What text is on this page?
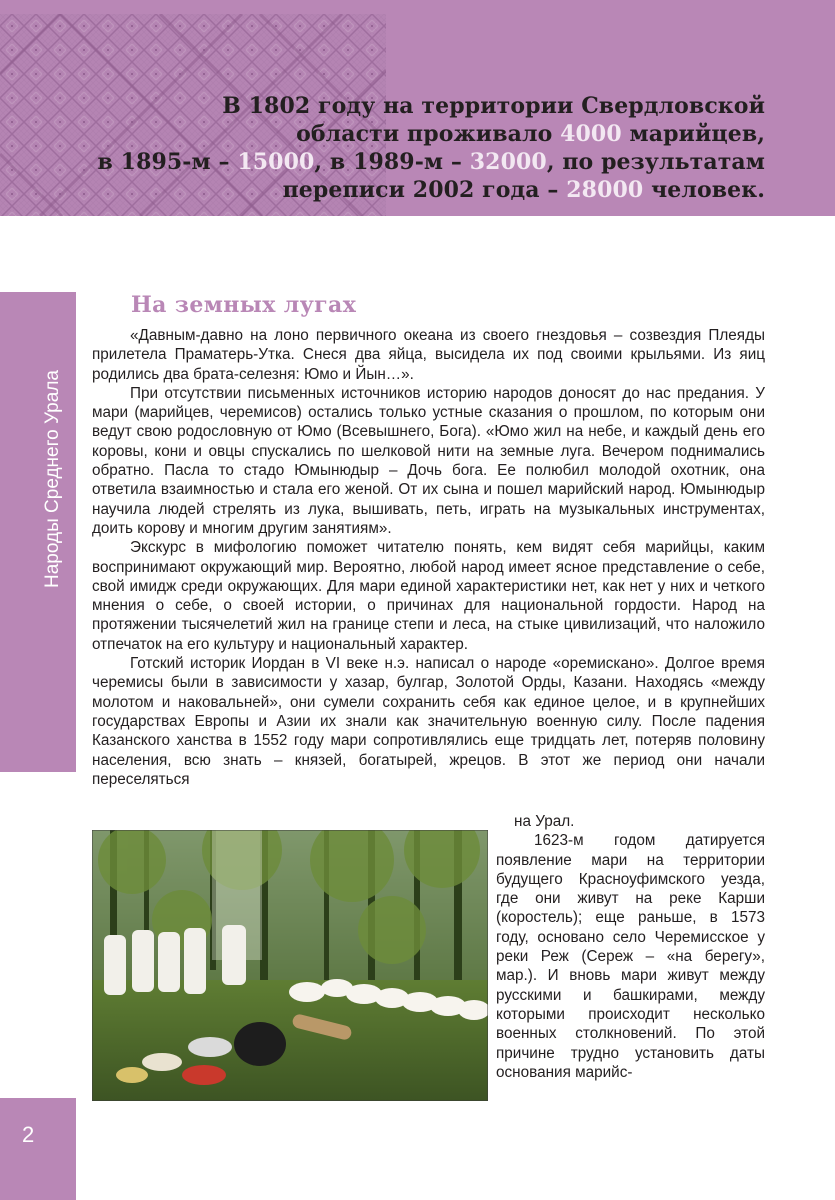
В 1802 году на территории Свердловской
области проживало 4000 марийцев,
в 1895-м – 15000, в 1989-м – 32000, по результатам
переписи 2002 года – 28000 человек.
Народы Среднего Урала
2
На земных лугах

«Давным-давно на лоно первичного океана из своего гнездовья – созвездия Плеяды прилетела Праматерь-Утка. Снеся два яйца, высидела их под своими крыльями. Из яиц родились два брата-селезня: Юмо и Йын…».

При отсутствии письменных источников историю народов доносят до нас предания. У мари (марийцев, черемисов) остались только устные сказания о прошлом, по которым они ведут свою родословную от Юмо (Всевышнего, Бога). «Юмо жил на небе, и каждый день его коровы, кони и овцы спускались по шелковой нити на земные луга. Вечером поднимались обратно. Пасла то стадо Юмынюдыр – Дочь бога. Ее полюбил молодой охотник, она ответила взаимностью и стала его женой. От их сына и пошел марийский народ. Юмынюдыр научила людей стрелять из лука, вышивать, петь, играть на музыкальных инструментах, доить корову и многим другим занятиям».

Экскурс в мифологию поможет читателю понять, кем видят себя марийцы, каким воспринимают окружающий мир. Вероятно, любой народ имеет ясное представление о себе, свой имидж среди окружающих. Для мари единой характеристики нет, как нет у них и четкого мнения о себе, о своей истории, о причинах для национальной гордости. Народ на протяжении тысячелетий жил на границе степи и леса, на стыке цивилизаций, что наложило отпечаток на его культуру и национальный характер.

Готский историк Иордан в VI веке н.э. написал о народе «оремискано». Долгое время черемисы были в зависимости у хазар, булгар, Золотой Орды, Казани. Находясь «между молотом и наковальней», они сумели сохранить себя как единое целое, и в крупнейших государствах Европы и Азии их знали как значительную военную силу. После падения Казанского ханства в 1552 году мари сопротивлялись еще тридцать лет, потеряв половину населения, всю знать – князей, богатырей, жрецов. В этот же период они начали переселяться

на Урал.

1623-м годом датируется появление мари на территории будущего Красноуфимского уезда, где они живут на реке Карши (коростель); еще раньше, в 1573 году, основано село Черемисское у реки Реж (Сереж – «на берегу», мар.). И вновь мари живут между русскими и башкирами, между которыми происходит несколько военных столкновений. По этой причине трудно установить даты основания марийс-
